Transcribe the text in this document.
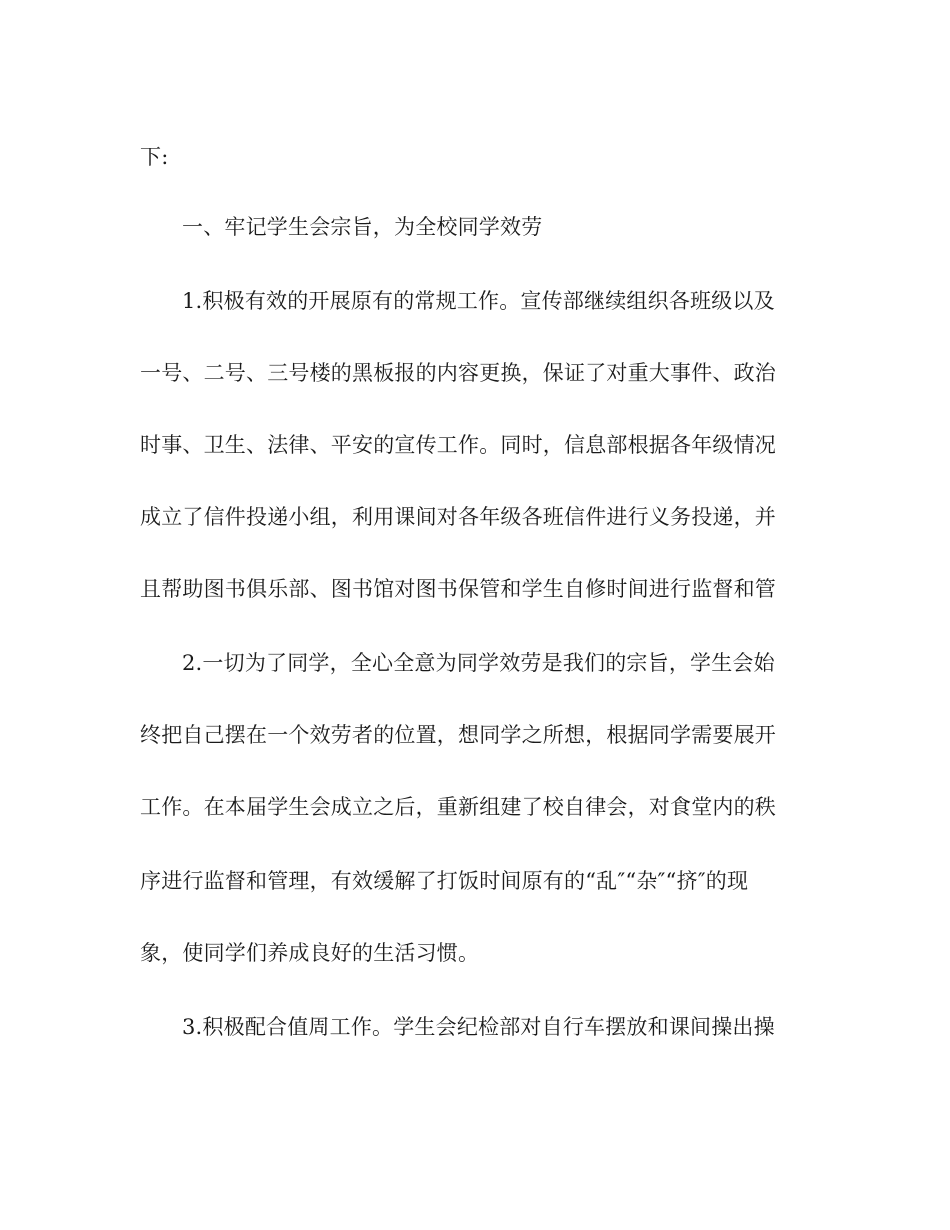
下:
一、牢记学生会宗旨，为全校同学效劳
1.积极有效的开展原有的常规工作。宣传部继续组织各班级以及
一号、二号、三号楼的黑板报的内容更换，保证了对重大事件、政治
时事、卫生、法律、平安的宣传工作。同时，信息部根据各年级情况
成立了信件投递小组，利用课间对各年级各班信件进行义务投递，并
且帮助图书俱乐部、图书馆对图书保管和学生自修时间进行监督和管
2.一切为了同学，全心全意为同学效劳是我们的宗旨，学生会始
终把自己摆在一个效劳者的位置，想同学之所想，根据同学需要展开
工作。在本届学生会成立之后，重新组建了校自律会，对食堂内的秩
序进行监督和管理，有效缓解了打饭时间原有的“乱″“杂″“挤″的现
象，使同学们养成良好的生活习惯。
3.积极配合值周工作。学生会纪检部对自行车摆放和课间操出操
